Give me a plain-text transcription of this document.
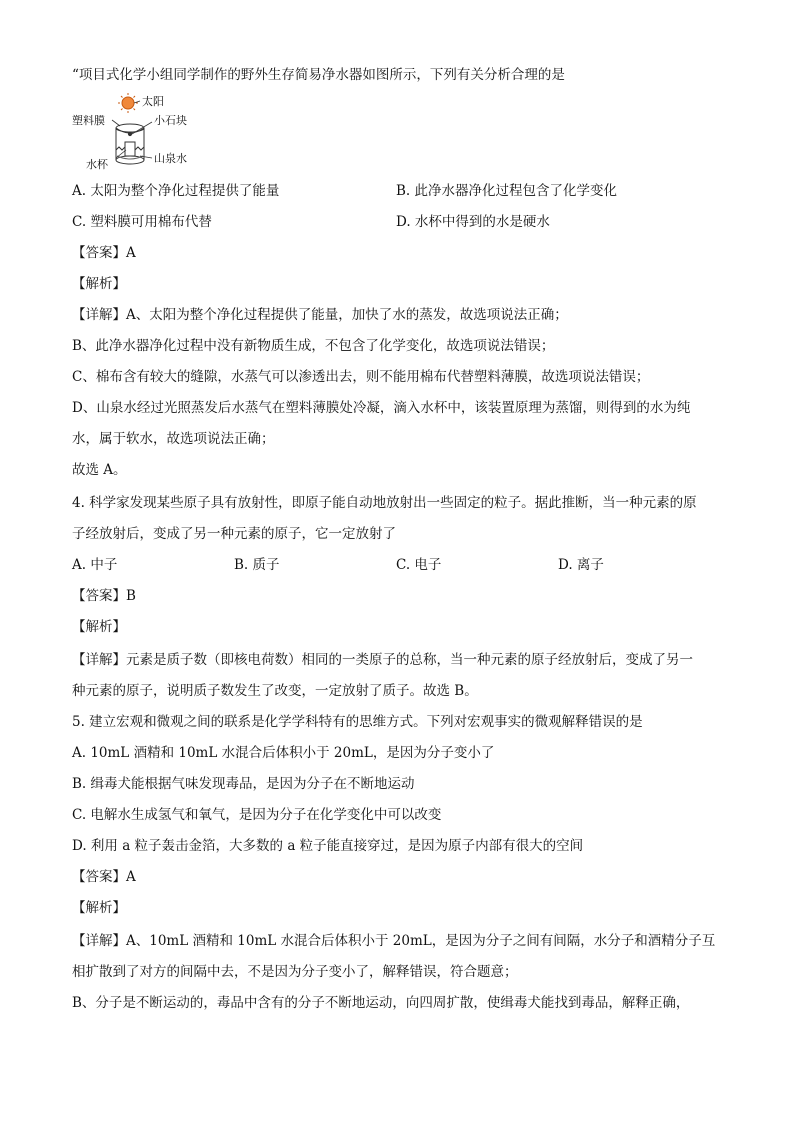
“项目式化学小组同学制作的野外生存简易净水器如图所示，下列有关分析合理的是
太阳
塑料膜	小石块
水杯	山泉水
A. 太阳为整个净化过程提供了能量	B. 此净水器净化过程包含了化学变化
C. 塑料膜可用棉布代替	D. 水杯中得到的水是硬水
【答案】A
【解析】
【详解】A、太阳为整个净化过程提供了能量，加快了水的蒸发，故选项说法正确；
B、此净水器净化过程中没有新物质生成，不包含了化学变化，故选项说法错误；
C、棉布含有较大的缝隙，水蒸气可以渗透出去，则不能用棉布代替塑料薄膜，故选项说法错误；
D、山泉水经过光照蒸发后水蒸气在塑料薄膜处冷凝，滴入水杯中，该装置原理为蒸馏，则得到的水为纯
水，属于软水，故选项说法正确；
故选 A。
4. 科学家发现某些原子具有放射性，即原子能自动地放射出一些固定的粒子。据此推断，当一种元素的原
子经放射后，变成了另一种元素的原子，它一定放射了
A. 中子	B. 质子	C. 电子	D. 离子
【答案】B
【解析】
【详解】元素是质子数（即核电荷数）相同的一类原子的总称，当一种元素的原子经放射后，变成了另一
种元素的原子，说明质子数发生了改变，一定放射了质子。故选 B。
5. 建立宏观和微观之间的联系是化学学科特有的思维方式。下列对宏观事实的微观解释错误的是
A. 10mL 酒精和 10mL 水混合后体积小于 20mL，是因为分子变小了
B. 缉毒犬能根据气味发现毒品，是因为分子在不断地运动
C. 电解水生成氢气和氧气，是因为分子在化学变化中可以改变
D. 利用 a 粒子轰击金箔，大多数的 a 粒子能直接穿过，是因为原子内部有很大的空间
【答案】A
【解析】
【详解】A、10mL 酒精和 10mL 水混合后体积小于 20mL，是因为分子之间有间隔，水分子和酒精分子互
相扩散到了对方的间隔中去，不是因为分子变小了，解释错误，符合题意；
B、分子是不断运动的，毒品中含有的分子不断地运动，向四周扩散，使缉毒犬能找到毒品，解释正确，
